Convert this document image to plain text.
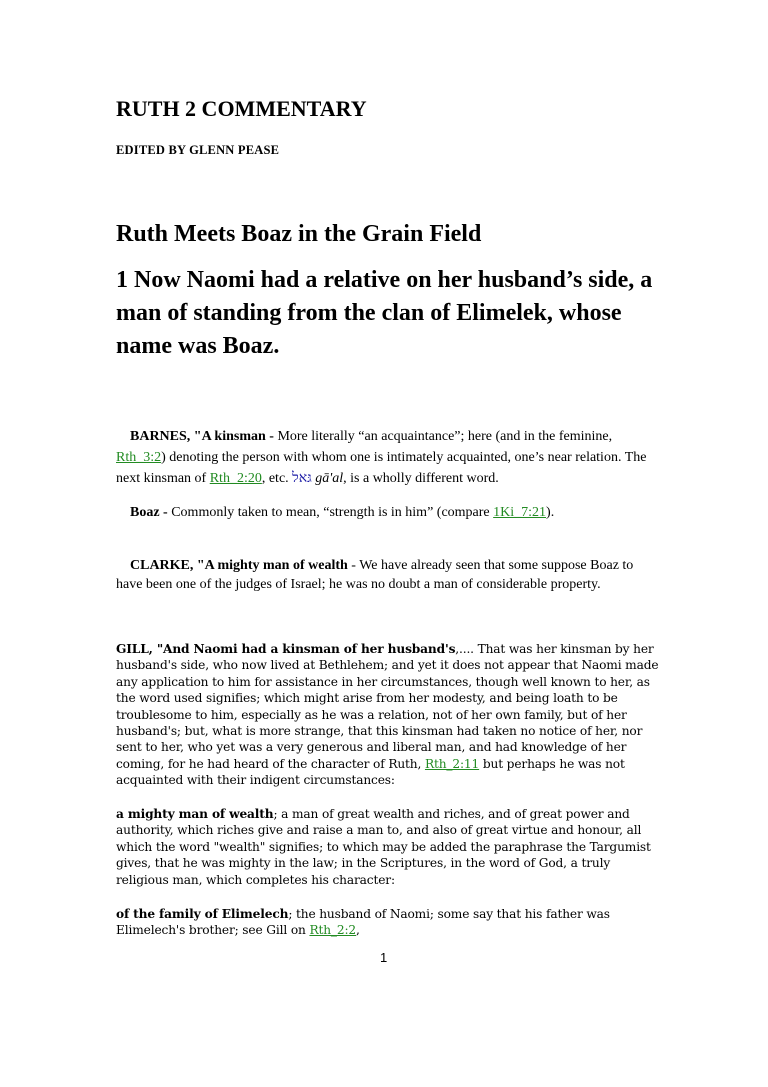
RUTH 2 COMMENTARY

EDITED BY GLENN PEASE

Ruth Meets Boaz in the Grain Field

1 Now Naomi had a relative on her husband’s side, a man of standing from the clan of Elimelek, whose name was Boaz.

BARNES, "A kinsman - More literally “an acquaintance”; here (and in the feminine, Rth_3:2) denoting the person with whom one is intimately acquainted, one’s near relation. The next kinsman of Rth_2:20, etc. גּאל gā'al, is a wholly different word.

Boaz - Commonly taken to mean, “strength is in him” (compare 1Ki_7:21).

CLARKE, "A mighty man of wealth - We have already seen that some suppose Boaz to have been one of the judges of Israel; he was no doubt a man of considerable property.

GILL, "And Naomi had a kinsman of her husband's,.... That was her kinsman by her husband's side, who now lived at Bethlehem; and yet it does not appear that Naomi made any application to him for assistance in her circumstances, though well known to her, as the word used signifies; which might arise from her modesty, and being loath to be troublesome to him, especially as he was a relation, not of her own family, but of her husband's; but, what is more strange, that this kinsman had taken no notice of her, nor sent to her, who yet was a very generous and liberal man, and had knowledge of her coming, for he had heard of the character of Ruth, Rth_2:11 but perhaps he was not acquainted with their indigent circumstances:

a mighty man of wealth; a man of great wealth and riches, and of great power and authority, which riches give and raise a man to, and also of great virtue and honour, all which the word "wealth" signifies; to which may be added the paraphrase the Targumist gives, that he was mighty in the law; in the Scriptures, in the word of God, a truly religious man, which completes his character:

of the family of Elimelech; the husband of Naomi; some say that his father was Elimelech's brother; see Gill on Rth_2:2,

1
